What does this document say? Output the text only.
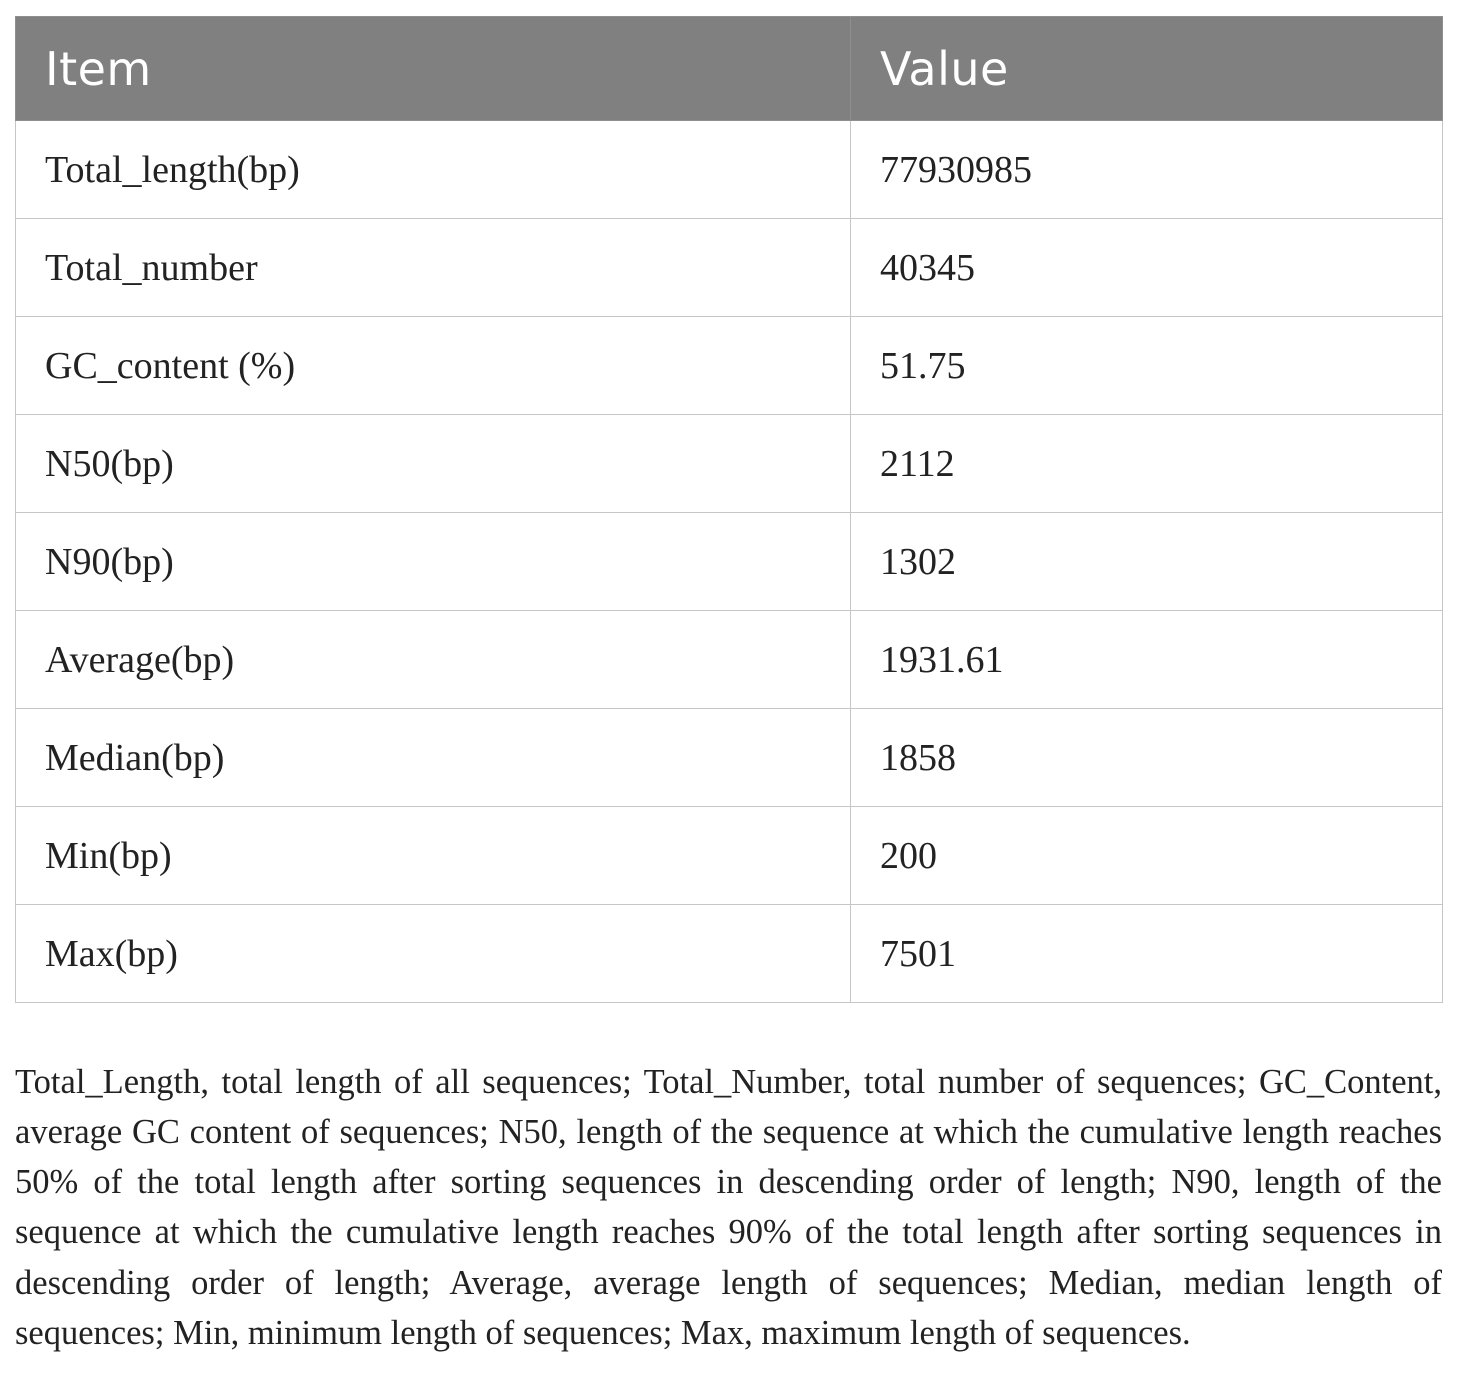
Item	Value
Total_length(bp)	77930985
Total_number	40345
GC_content (%)	51.75
N50(bp)	2112
N90(bp)	1302
Average(bp)	1931.61
Median(bp)	1858
Min(bp)	200
Max(bp)	7501

Total_Length, total length of all sequences; Total_Number, total number of sequences; GC_Content, average GC content of sequences; N50, length of the sequence at which the cumulative length reaches 50% of the total length after sorting sequences in descending order of length; N90, length of the sequence at which the cumulative length reaches 90% of the total length after sorting sequences in descending order of length; Average, average length of sequences; Median, median length of sequences; Min, minimum length of sequences; Max, maximum length of sequences.
